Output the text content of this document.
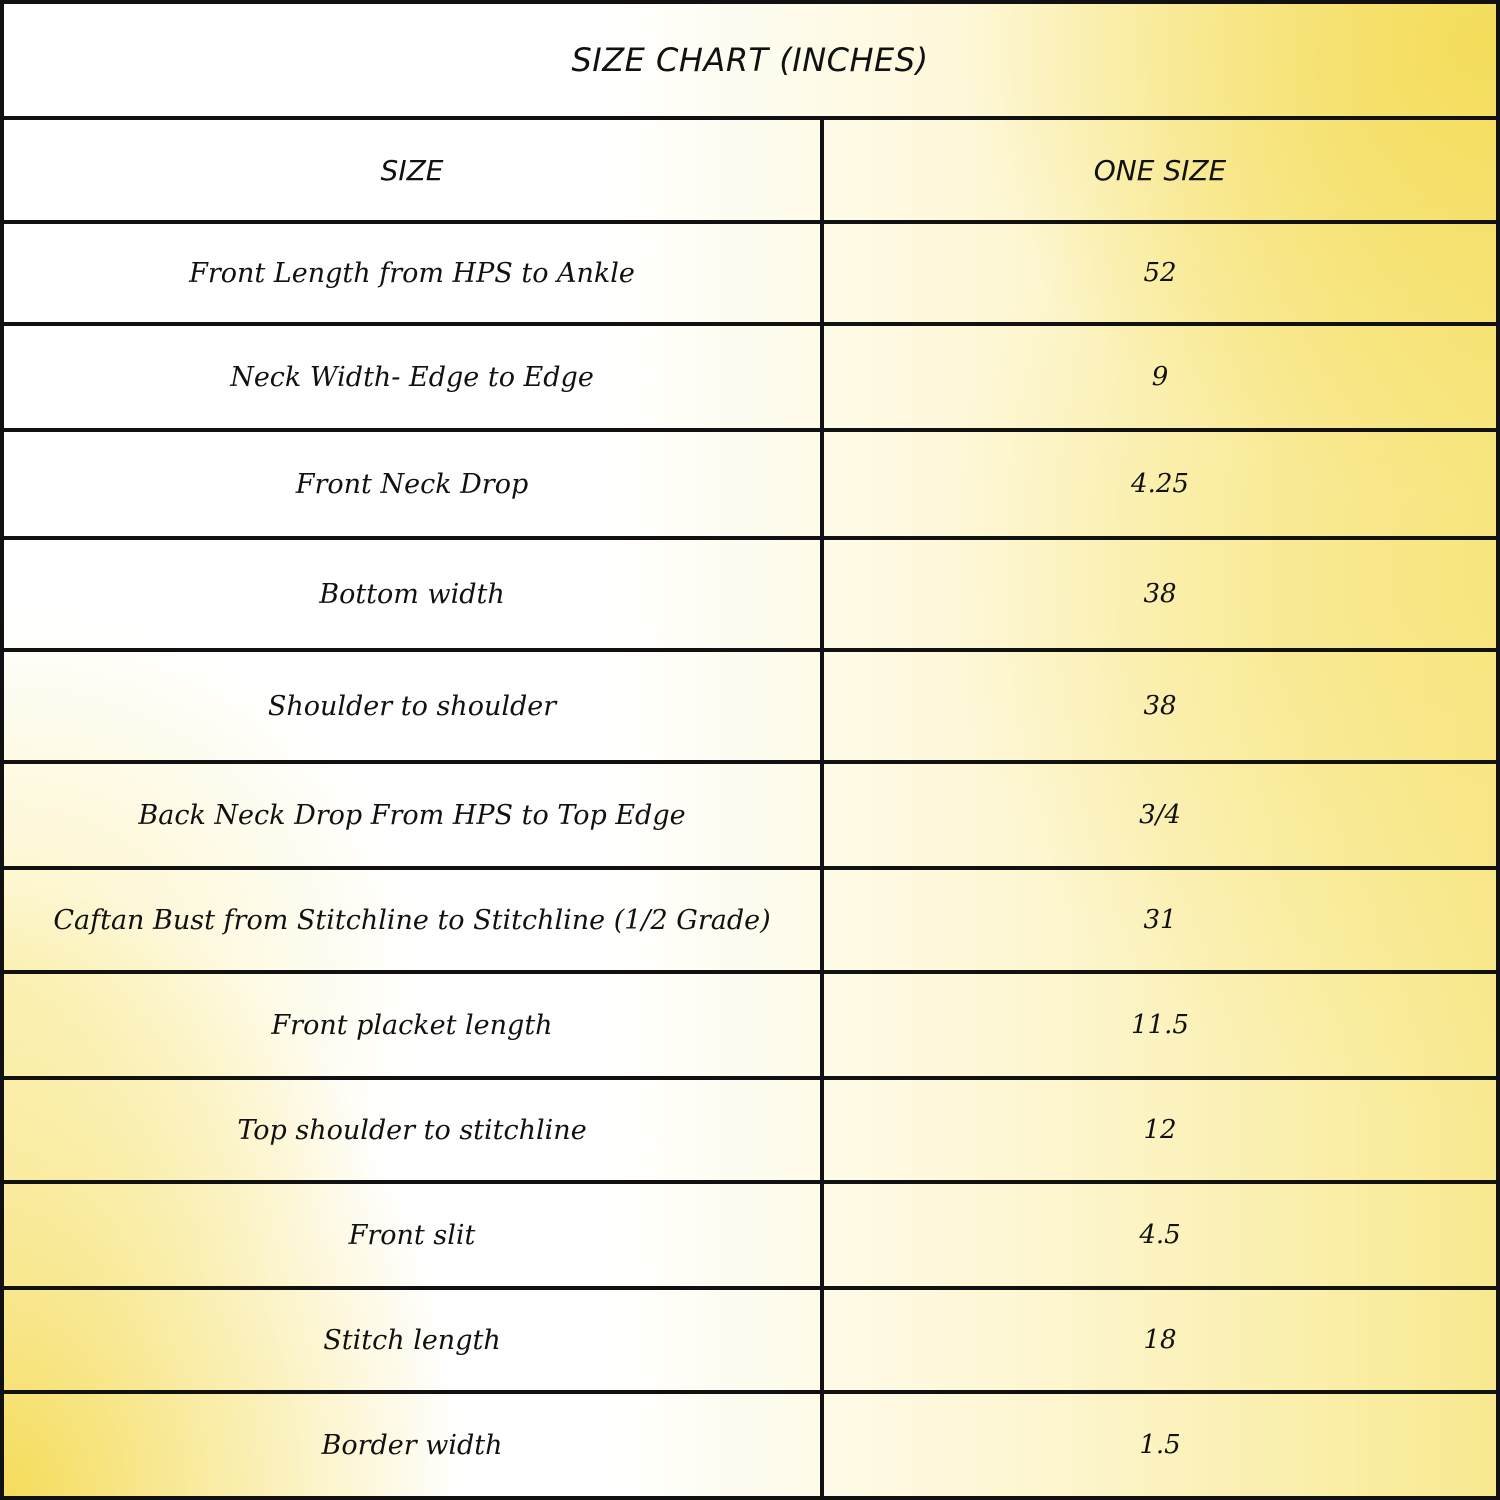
SIZE CHART (INCHES)
SIZE	ONE SIZE
Front Length from HPS to Ankle	52
Neck Width- Edge to Edge	9
Front Neck Drop	4.25
Bottom width	38
Shoulder to shoulder	38
Back Neck Drop From HPS to Top Edge	3/4
Caftan Bust from Stitchline to Stitchline (1/2 Grade)	31
Front placket length	11.5
Top shoulder to stitchline	12
Front slit	4.5
Stitch length	18
Border width	1.5
